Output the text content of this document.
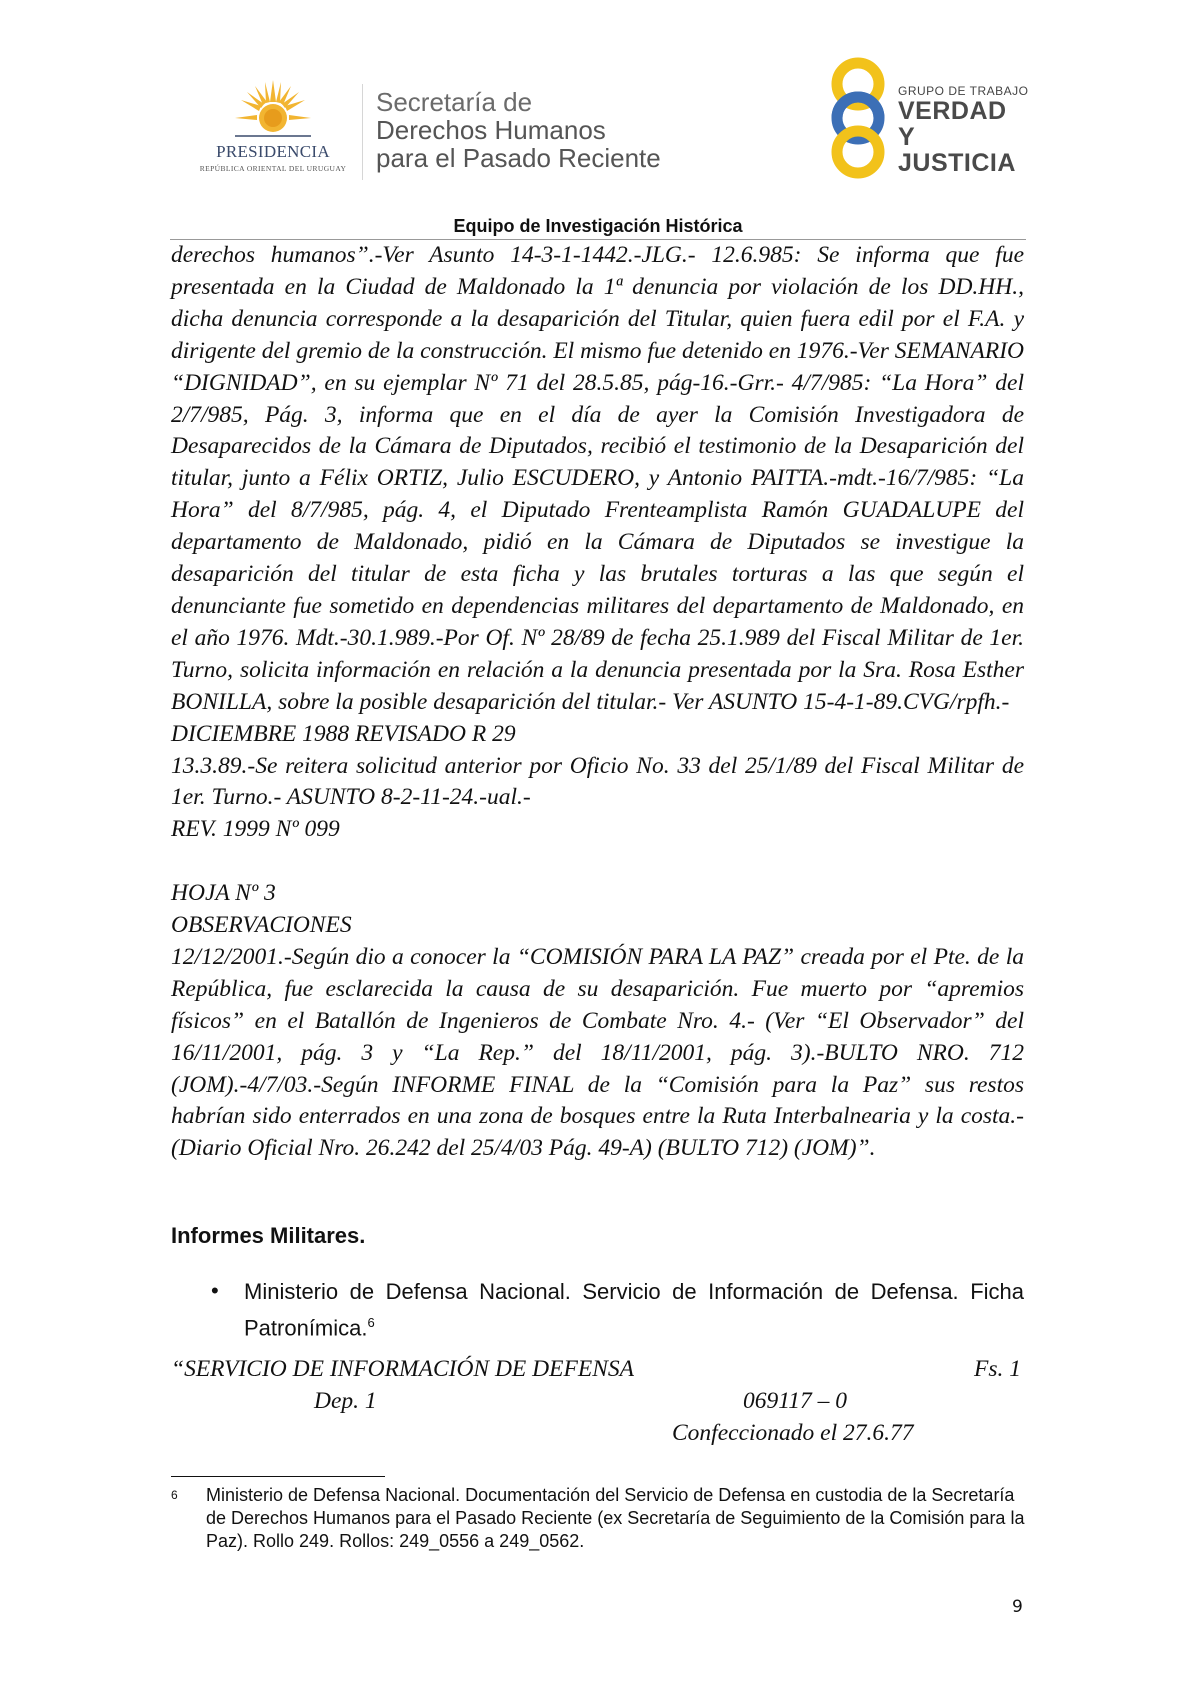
PRESIDENCIA
REPÚBLICA ORIENTAL DEL URUGUAY
Secretaría de
Derechos Humanos
para el Pasado Reciente
GRUPO DE TRABAJO
VERDAD Y
JUSTICIA
Equipo de Investigación Histórica

derechos humanos”.-Ver Asunto 14-3-1-1442.-JLG.- 12.6.985: Se informa que fue presentada en la Ciudad de Maldonado la 1ª denuncia por violación de los DD.HH., dicha denuncia corresponde a la desaparición del Titular, quien fuera edil por el F.A. y dirigente del gremio de la construcción. El mismo fue detenido en 1976.-Ver SEMANARIO “DIGNIDAD”, en su ejemplar Nº 71 del 28.5.85, pág-16.-Grr.- 4/7/985: “La Hora” del 2/7/985, Pág. 3, informa que en el día de ayer la Comisión Investigadora de Desaparecidos de la Cámara de Diputados, recibió el testimonio de la Desaparición del titular, junto a Félix ORTIZ, Julio ESCUDERO, y Antonio PAITTA.-mdt.-16/7/985: “La Hora” del 8/7/985, pág. 4, el Diputado Frenteamplista Ramón GUADALUPE del departamento de Maldonado, pidió en la Cámara de Diputados se investigue la desaparición del titular de esta ficha y las brutales torturas a las que según el denunciante fue sometido en dependencias militares del departamento de Maldonado, en el año 1976. Mdt.-30.1.989.-Por Of. Nº 28/89 de fecha 25.1.989 del Fiscal Militar de 1er. Turno, solicita información en relación a la denuncia presentada por la Sra. Rosa Esther BONILLA, sobre la posible desaparición del titular.- Ver ASUNTO 15-4-1-89.CVG/rpfh.-

DICIEMBRE 1988 REVISADO R 29

13.3.89.-Se reitera solicitud anterior por Oficio No. 33 del 25/1/89 del Fiscal Militar de 1er. Turno.- ASUNTO 8-2-11-24.-ual.-

REV. 1999 Nº 099

HOJA Nº 3

OBSERVACIONES

12/12/2001.-Según dio a conocer la “COMISIÓN PARA LA PAZ” creada por el Pte. de la República, fue esclarecida la causa de su desaparición. Fue muerto por “apremios físicos” en el Batallón de Ingenieros de Combate Nro. 4.- (Ver “El Observador” del 16/11/2001, pág. 3 y “La Rep.” del 18/11/2001, pág. 3).-BULTO NRO. 712 (JOM).-4/7/03.-Según INFORME FINAL de la “Comisión para la Paz” sus restos habrían sido enterrados en una zona de bosques entre la Ruta Interbalnearia y la costa.- (Diario Oficial Nro. 26.242 del 25/4/03 Pág. 49-A) (BULTO 712) (JOM)”.

Informes Militares.
• Ministerio de Defensa Nacional. Servicio de Información de Defensa. Ficha Patronímica.$^6$
“SERVICIO DE INFORMACIÓN DE DEFENSA	Fs. 1
Dep. 1	069117 – 0
Confeccionado el 27.6.77
6 Ministerio de Defensa Nacional. Documentación del Servicio de Defensa en custodia de la Secretaría de Derechos Humanos para el Pasado Reciente (ex Secretaría de Seguimiento de la Comisión para la Paz). Rollo 249. Rollos: 249_0556 a 249_0562.
9
